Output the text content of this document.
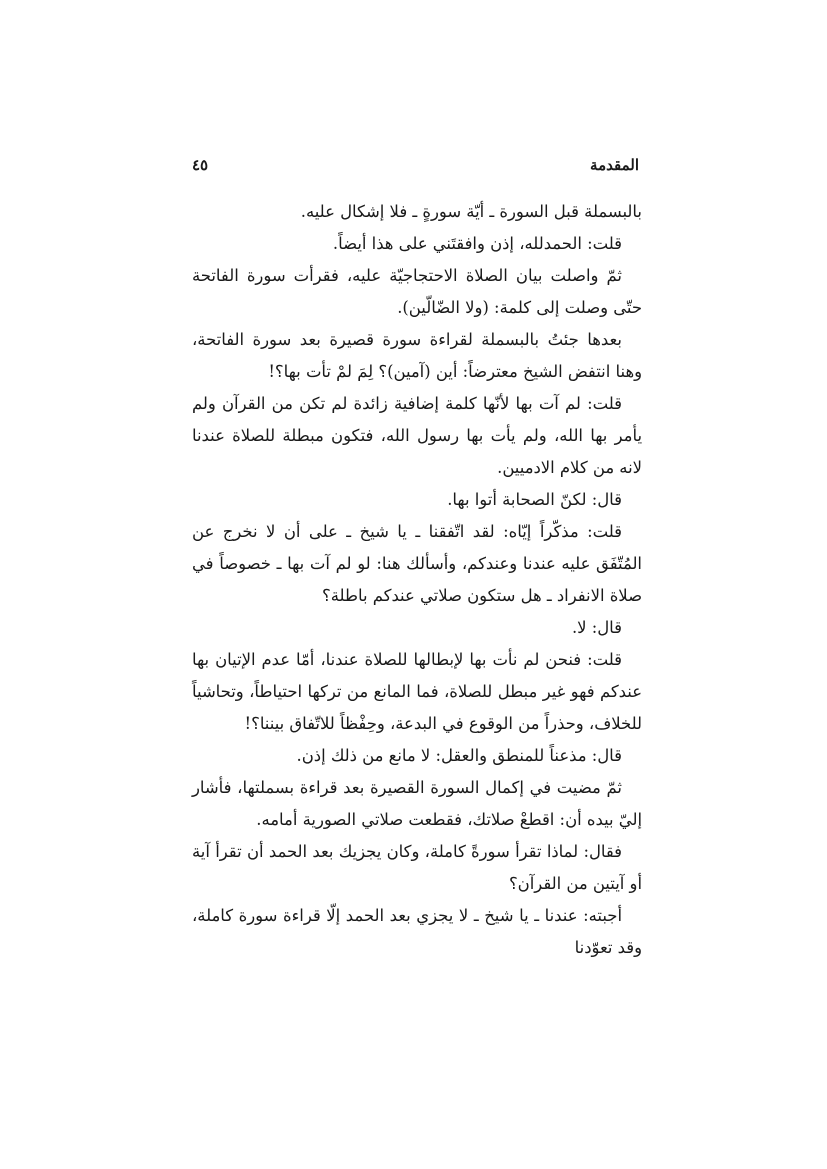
المقدمة
٤٥

بالبسملة قبل السورة ـ أيّة سورةٍ ـ فلا إشكال عليه.

قلت: الحمدلله، إذن وافقتَني على هذا أيضاً.

ثمّ واصلت بيان الصلاة الاحتجاجيّة عليه، فقرأت سورة الفاتحة حتّى وصلت إلى كلمة: (ولا الضّالّين).

بعدها جئتُ بالبسملة لقراءة سورة قصيرة بعد سورة الفاتحة، وهنا انتفض الشيخ معترضاً: أين (آمين)؟ لِمَ لمْ تأت بها؟!

قلت: لم آت بها لأنّها كلمة إضافية زائدة لم تكن من القرآن ولم يأمر بها الله، ولم يأت بها رسول الله، فتكون مبطلة للصلاة عندنا لانه من كلام الادميين.

قال: لكنّ الصحابة أتوا بها.

قلت: مذكّراً إيّاه: لقد اتّفقنا ـ يا شيخ ـ على أن لا نخرج عن المُتّفَق عليه عندنا وعندكم، وأسألك هنا: لو لم آت بها ـ خصوصاً في صلاة الانفراد ـ هل ستكون صلاتي عندكم باطلة؟

قال: لا.

قلت: فنحن لم نأت بها لإبطالها للصلاة عندنا، أمّا عدم الإتيان بها عندكم فهو غير مبطل للصلاة، فما المانع من تركها احتياطاً، وتحاشياً للخلاف، وحذراً من الوقوع في البدعة، وحِفْظاً للاتّفاق بيننا؟!

قال: مذعناً للمنطق والعقل: لا مانع من ذلك إذن.

ثمّ مضيت في إكمال السورة القصيرة بعد قراءة بسملتها، فأشار إليّ بيده أن: اقطعْ صلاتك، فقطعت صلاتي الصورية أمامه.

فقال: لماذا تقرأ سورةً كاملة، وكان يجزيك بعد الحمد أن تقرأ آية أو آيتين من القرآن؟

أجبته: عندنا ـ يا شيخ ـ لا يجزي بعد الحمد إلّا قراءة سورة كاملة، وقد تعوّدنا
